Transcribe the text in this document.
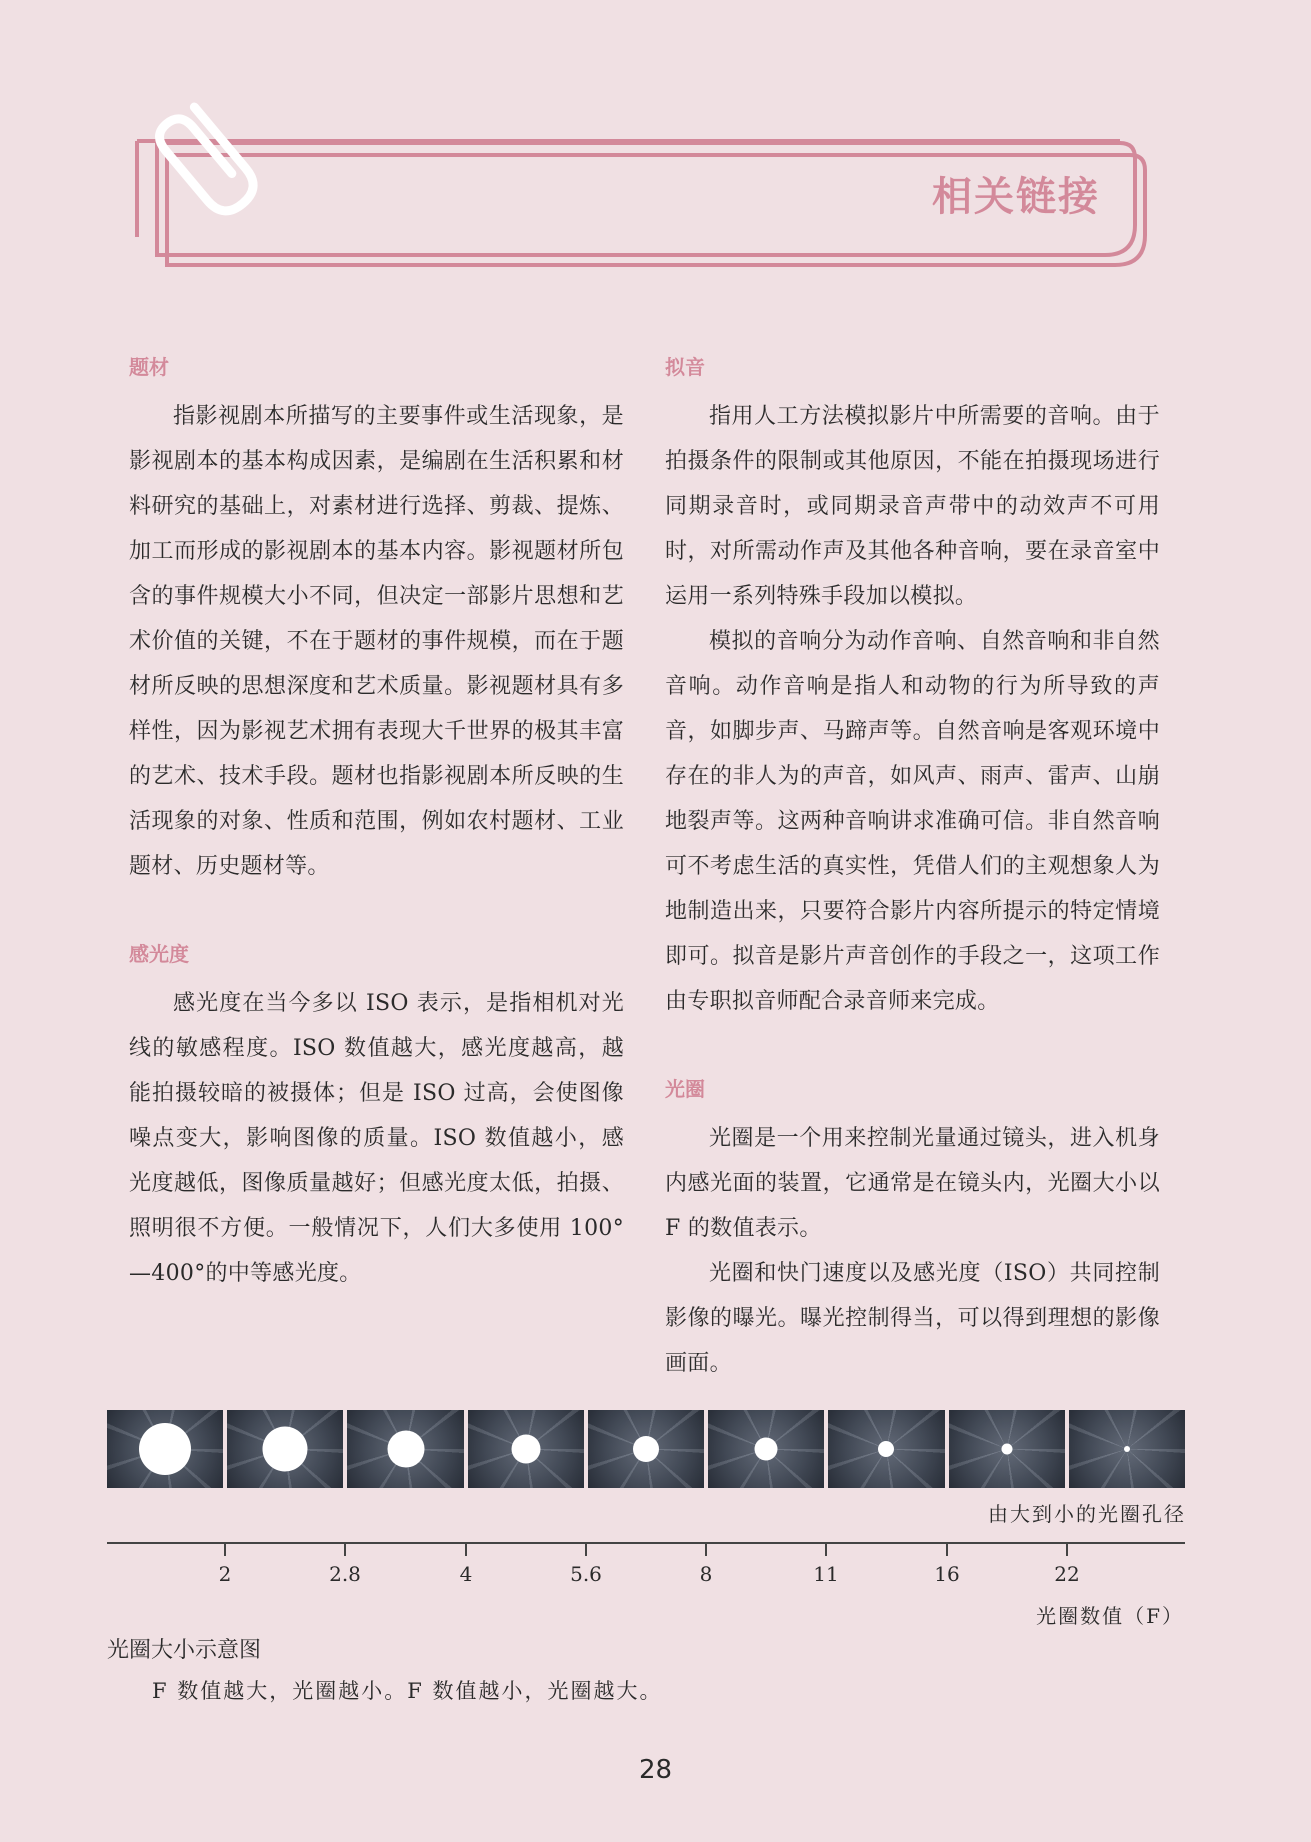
相关链接
题材

指影视剧本所描写的主要事件或生活现象，是影视剧本的基本构成因素，是编剧在生活积累和材料研究的基础上，对素材进行选择、剪裁、提炼、加工而形成的影视剧本的基本内容。影视题材所包含的事件规模大小不同，但决定一部影片思想和艺术价值的关键，不在于题材的事件规模，而在于题材所反映的思想深度和艺术质量。影视题材具有多样性，因为影视艺术拥有表现大千世界的极其丰富的艺术、技术手段。题材也指影视剧本所反映的生活现象的对象、性质和范围，例如农村题材、工业题材、历史题材等。

感光度

感光度在当今多以 ISO 表示，是指相机对光线的敏感程度。ISO 数值越大，感光度越高，越能拍摄较暗的被摄体；但是 ISO 过高，会使图像噪点变大，影响图像的质量。ISO 数值越小，感光度越低，图像质量越好；但感光度太低，拍摄、照明很不方便。一般情况下，人们大多使用 100°—400°的中等感光度。

拟音

指用人工方法模拟影片中所需要的音响。由于拍摄条件的限制或其他原因，不能在拍摄现场进行同期录音时，或同期录音声带中的动效声不可用时，对所需动作声及其他各种音响，要在录音室中运用一系列特殊手段加以模拟。

模拟的音响分为动作音响、自然音响和非自然音响。动作音响是指人和动物的行为所导致的声音，如脚步声、马蹄声等。自然音响是客观环境中存在的非人为的声音，如风声、雨声、雷声、山崩地裂声等。这两种音响讲求准确可信。非自然音响可不考虑生活的真实性，凭借人们的主观想象人为地制造出来，只要符合影片内容所提示的特定情境即可。拟音是影片声音创作的手段之一，这项工作由专职拟音师配合录音师来完成。

光圈

光圈是一个用来控制光量通过镜头，进入机身内感光面的装置，它通常是在镜头内，光圈大小以 F 的数值表示。

光圈和快门速度以及感光度（ISO）共同控制影像的曝光。曝光控制得当，可以得到理想的影像画面。

由大到小的光圈孔径
2	2.8	4	5.6	8	11	16	22
光圈数值（F）
光圈大小示意图
F 数值越大，光圈越小。F 数值越小，光圈越大。
28
